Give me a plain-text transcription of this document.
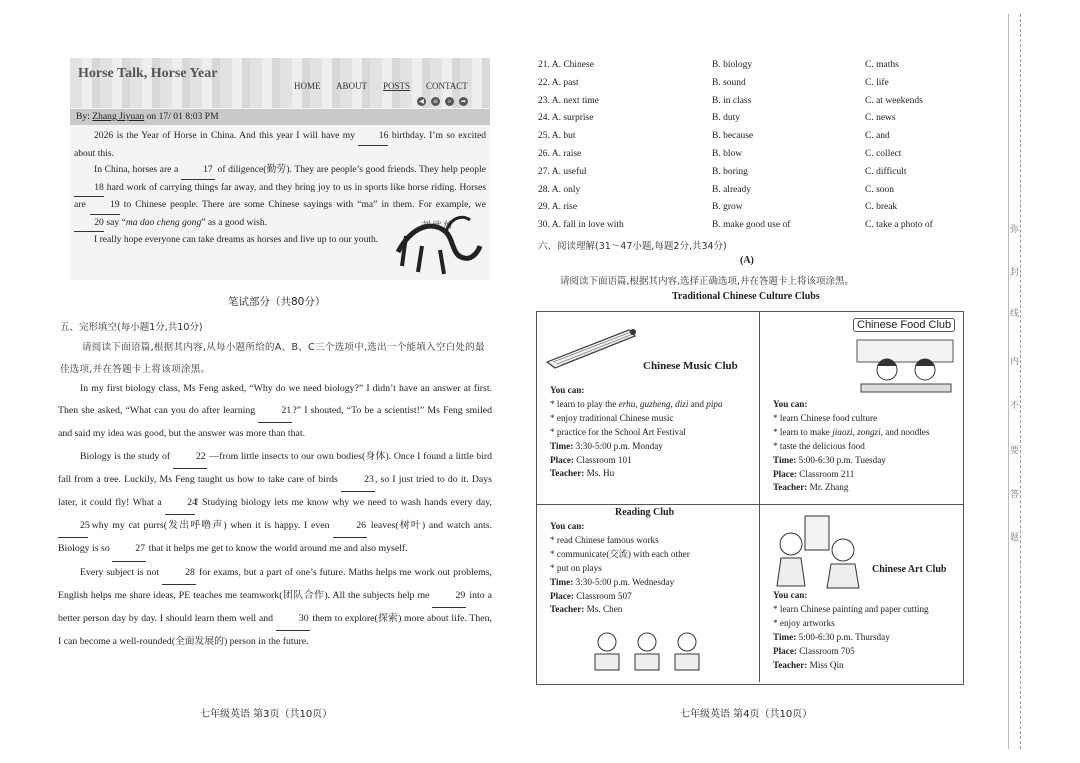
Horse Talk, Horse Year
HOME ABOUT POSTS CONTACT
◀	≡	⌕	➦
By: Zhang Jiyuan on 17/ 01 8:03 PM

2026 is the Year of Horse in China. And this year I will have my 16 birthday. I’m so excited about this.

In China, horses are a 17 of diligence(勤劳). They are people’s good friends. They help people 18 hard work of carrying things far away, and they bring joy to us in sports like horse riding. Horses are 19 to Chinese people. There are some Chinese sayings with “ma” in them. For example, we 20 say “ma dao cheng gong” as a good wish.

I really hope everyone can take dreams as horses and live up to our youth.

刘 欣 怡
笔试部分（共80分）
五、完形填空(每小题1分,共10分)
请阅读下面语篇,根据其内容,从每小题所给的A、B、C三个选项中,选出一个能填入空白处的最佳选项,并在答题卡上将该项涂黑。

In my first biology class, Ms Feng asked, “Why do we need biology?” I didn’t have an answer at first. Then she asked, “What can you do after learning 21?” I shouted, “To be a scientist!” Ms Feng smiled and said my idea was good, but the answer was more than that.

Biology is the study of 22 —from little insects to our own bodies(身体). Once I found a little bird fall from a tree. Luckily, Ms Feng taught us how to take care of birds 23, so I just tried to do it. Days later, it could fly! What a 24! Studying biology lets me know why we need to wash hands every day, 25 why my cat purrs(发出呼噜声) when it is happy. I even 26 leaves(树叶) and watch ants. Biology is so 27 that it helps me get to know the world around me and also myself.

Every subject is not 28 for exams, but a part of one’s future. Maths helps me work out problems, English helps me share ideas, PE teaches me teamwork(团队合作). All the subjects help me 29 into a better person day by day. I should learn them well and 30 them to explore(探索) more about life. Then, I can become a well-rounded(全面发展的) person in the future.

七年级英语 第3页（共10页）
21. A. Chinese	B. biology	C. maths
22. A. past	B. sound	C. life
23. A. next time	B. in class	C. at weekends
24. A. surprise	B. duty	C. news
25. A. but	B. because	C. and
26. A. raise	B. blow	C. collect
27. A. useful	B. boring	C. difficult
28. A. only	B. already	C. soon
29. A. rise	B. grow	C. break
30. A. fall in love with	B. make good use of	C. take a photo of
六、阅读理解(31～47小题,每题2分,共34分)
(A)
请阅读下面语篇,根据其内容,选择正确选项,并在答题卡上将该项涂黑。
Traditional Chinese Culture Clubs
Chinese Music Club
You can:
* learn to play the erhu, guzheng, dizi and pipa
* enjoy traditional Chinese music
* practice for the School Art Festival
Time: 3:30-5:00 p.m. Monday
Place: Classroom 101
Teacher: Ms. Hu
Chinese Food Club
You can:
* learn Chinese food culture
* learn to make jiaozi, zongzi, and noodles
* taste the delicious food
Time: 5:00-6:30 p.m. Tuesday
Place: Classroom 211
Teacher: Mr. Zhang
Reading Club
You can:
* read Chinese famous works
* communicate(交流) with each other
* put on plays
Time: 3:30-5:00 p.m. Wednesday
Place: Classroom 507
Teacher: Ms. Chen
Chinese Art Club
You can:
* learn Chinese painting and paper cutting
* enjoy artworks
Time: 5:00-6:30 p.m. Thursday
Place: Classroom 705
Teacher: Miss Qin
七年级英语 第4页（共10页）
弥
封
线
内
不
要
答
题
